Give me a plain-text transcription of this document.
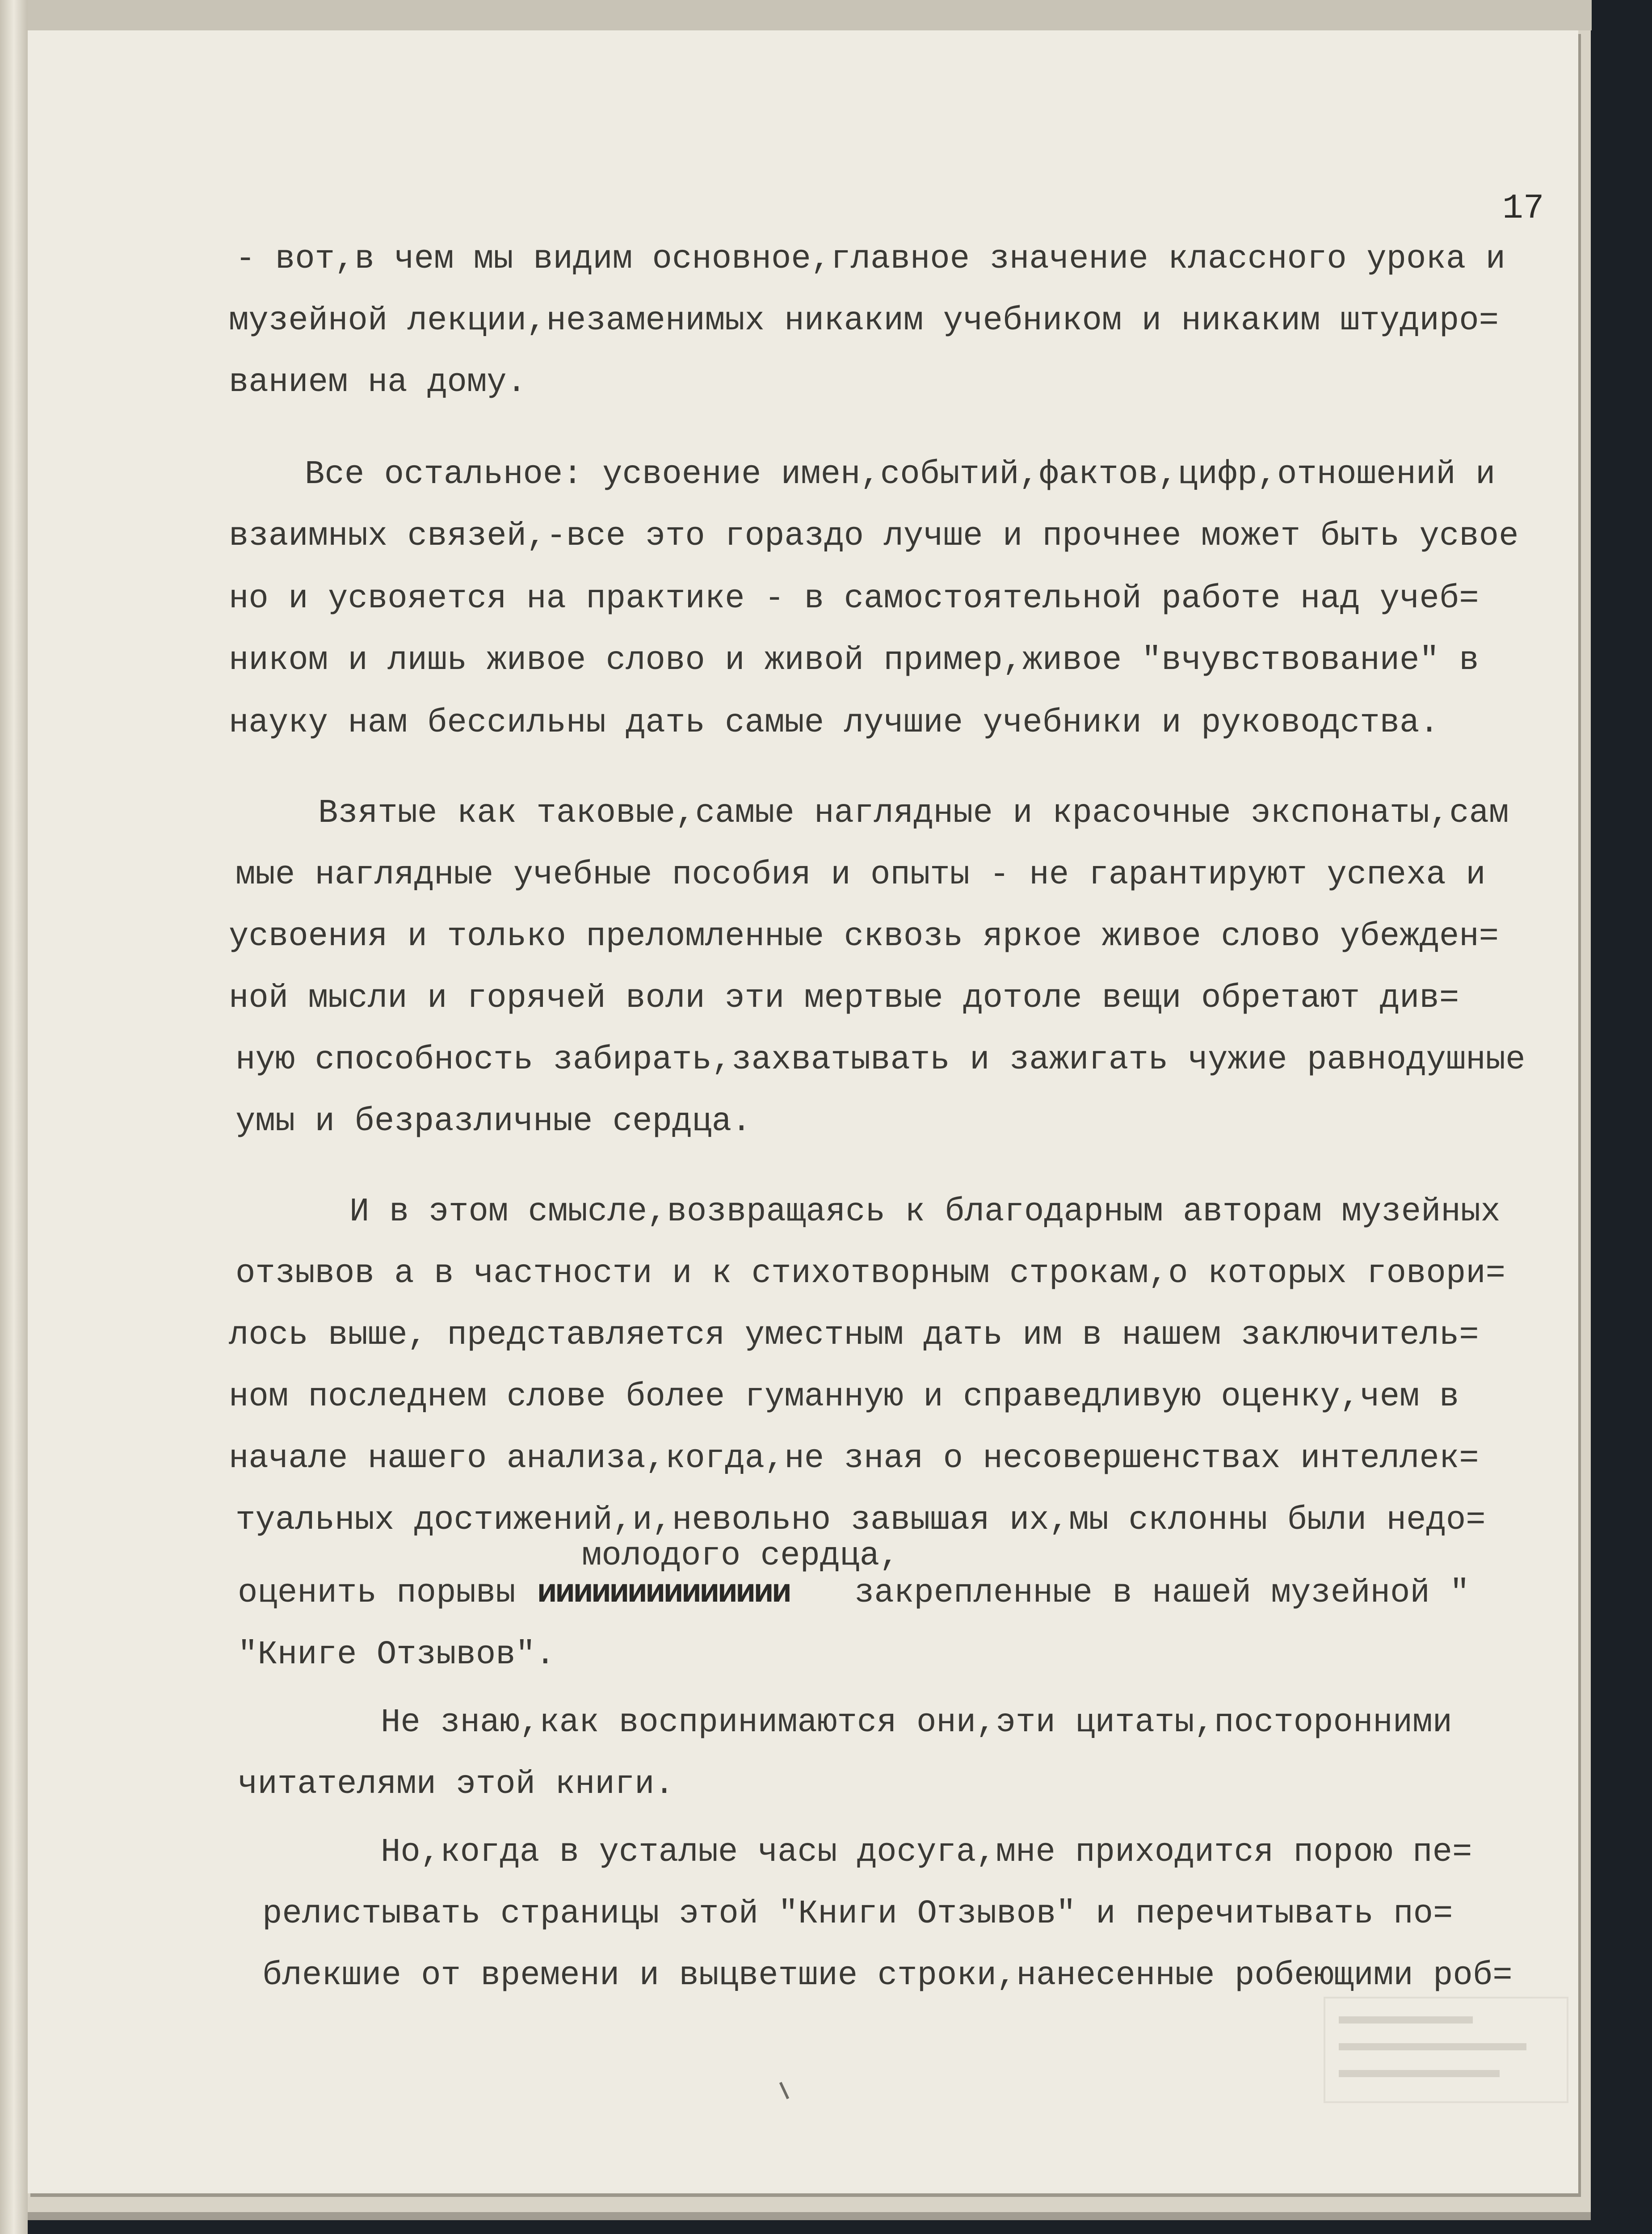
17
- вот,в чем мы видим основное,главное значение классного урока и
музейной лекции,незаменимых никаким учебником и никаким штудиро=
ванием на дому.
Все остальное: усвоение имен,событий,фактов,цифр,отношений и
взаимных связей,-все это гораздо лучше и прочнее может быть усвое
но и усвояется на практике - в самостоятельной работе над учеб=
ником и лишь живое слово и живой пример,живое "вчувствование" в
науку нам бессильны дать самые лучшие учебники и руководства.
Взятые как таковые,самые наглядные и красочные экспонаты,сам
мые наглядные учебные пособия и опыты - не гарантируют успеха и
усвоения и только преломленные сквозь яркое живое слово убежден=
ной мысли и горячей воли эти мертвые дотоле вещи обретают див=
ную способность забирать,захватывать и зажигать чужие равнодушные
умы и безразличные сердца.
И в этом смысле,возвращаясь к благодарным авторам музейных
отзывов а в частности и к стихотворным строкам,о которых говори=
лось выше, представляется уместным дать им в нашем заключитель=
ном последнем слове более гуманную и справедливую оценку,чем в
начале нашего анализа,когда,не зная о несовершенствах интеллек=
туальных достижений,и,невольно завышая их,мы склонны были недо=
молодого сердца,
оценить порывы ииииииииииииии	закрепленные в нашей музейной "
"Книге Отзывов".
Не знаю,как воспринимаются они,эти цитаты,посторонними
читателями этой книги.
Но,когда в усталые часы досуга,мне приходится порою пе=
релистывать страницы этой "Книги Отзывов" и перечитывать по=
блекшие от времени и выцветшие строки,нанесенные робеющими роб=
